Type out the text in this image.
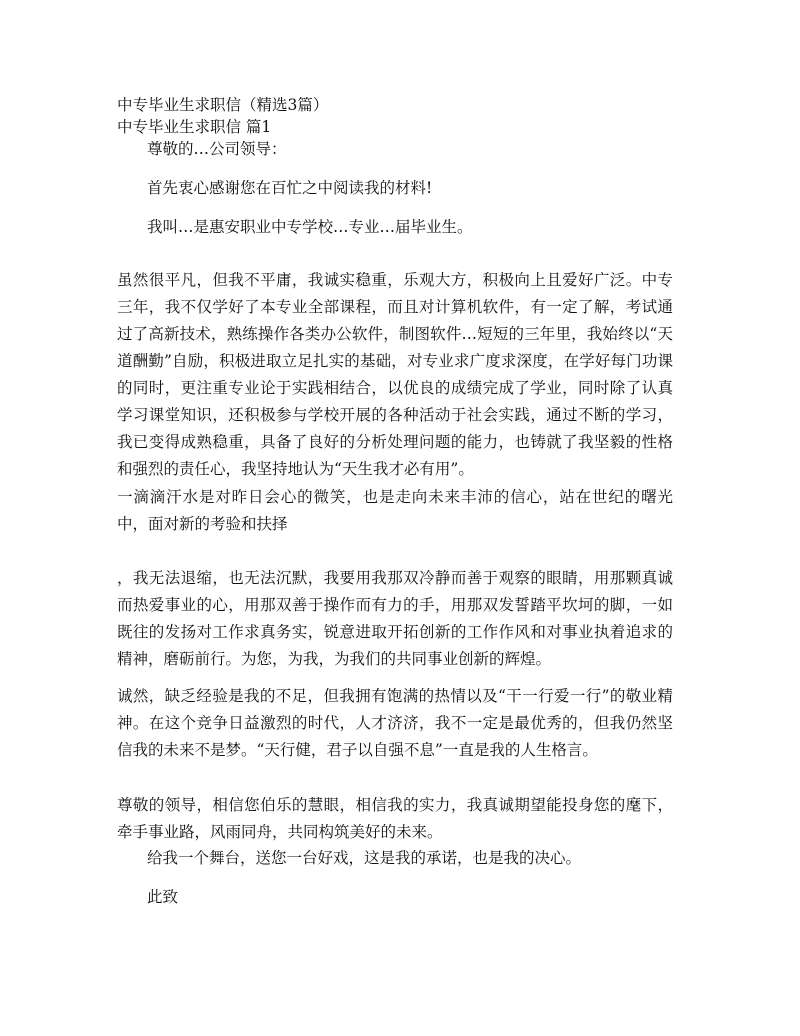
中专毕业生求职信（精选3篇）

中专毕业生求职信 篇1

尊敬的…公司领导：

首先衷心感谢您在百忙之中阅读我的材料!

我叫…是惠安职业中专学校…专业…届毕业生。

虽然很平凡，但我不平庸，我诚实稳重，乐观大方，积极向上且爱好广泛。中专三年，我不仅学好了本专业全部课程，而且对计算机软件，有一定了解，考试通过了高新技术，熟练操作各类办公软件，制图软件…短短的三年里，我始终以“天道酬勤”自励，积极进取立足扎实的基础，对专业求广度求深度，在学好每门功课的同时，更注重专业论于实践相结合，以优良的成绩完成了学业，同时除了认真学习课堂知识，还积极参与学校开展的各种活动于社会实践，通过不断的学习，我已变得成熟稳重，具备了良好的分析处理问题的能力，也铸就了我坚毅的性格和强烈的责任心，我坚持地认为“天生我才必有用”。

一滴滴汗水是对昨日会心的微笑，也是走向未来丰沛的信心，站在世纪的曙光中，面对新的考验和扶择

，我无法退缩，也无法沉默，我要用我那双冷静而善于观察的眼睛，用那颗真诚而热爱事业的心，用那双善于操作而有力的手，用那双发誓踏平坎坷的脚，一如既往的发扬对工作求真务实，锐意进取开拓创新的工作作风和对事业执着追求的精神，磨砺前行。为您，为我，为我们的共同事业创新的辉煌。

诚然，缺乏经验是我的不足，但我拥有饱满的热情以及“干一行爱一行”的敬业精神。在这个竞争日益激烈的时代，人才济济，我不一定是最优秀的，但我仍然坚信我的未来不是梦。“天行健，君子以自强不息”一直是我的人生格言。

尊敬的领导，相信您伯乐的慧眼，相信我的实力，我真诚期望能投身您的麾下，牵手事业路，风雨同舟，共同构筑美好的未来。

给我一个舞台，送您一台好戏，这是我的承诺，也是我的决心。

此致
